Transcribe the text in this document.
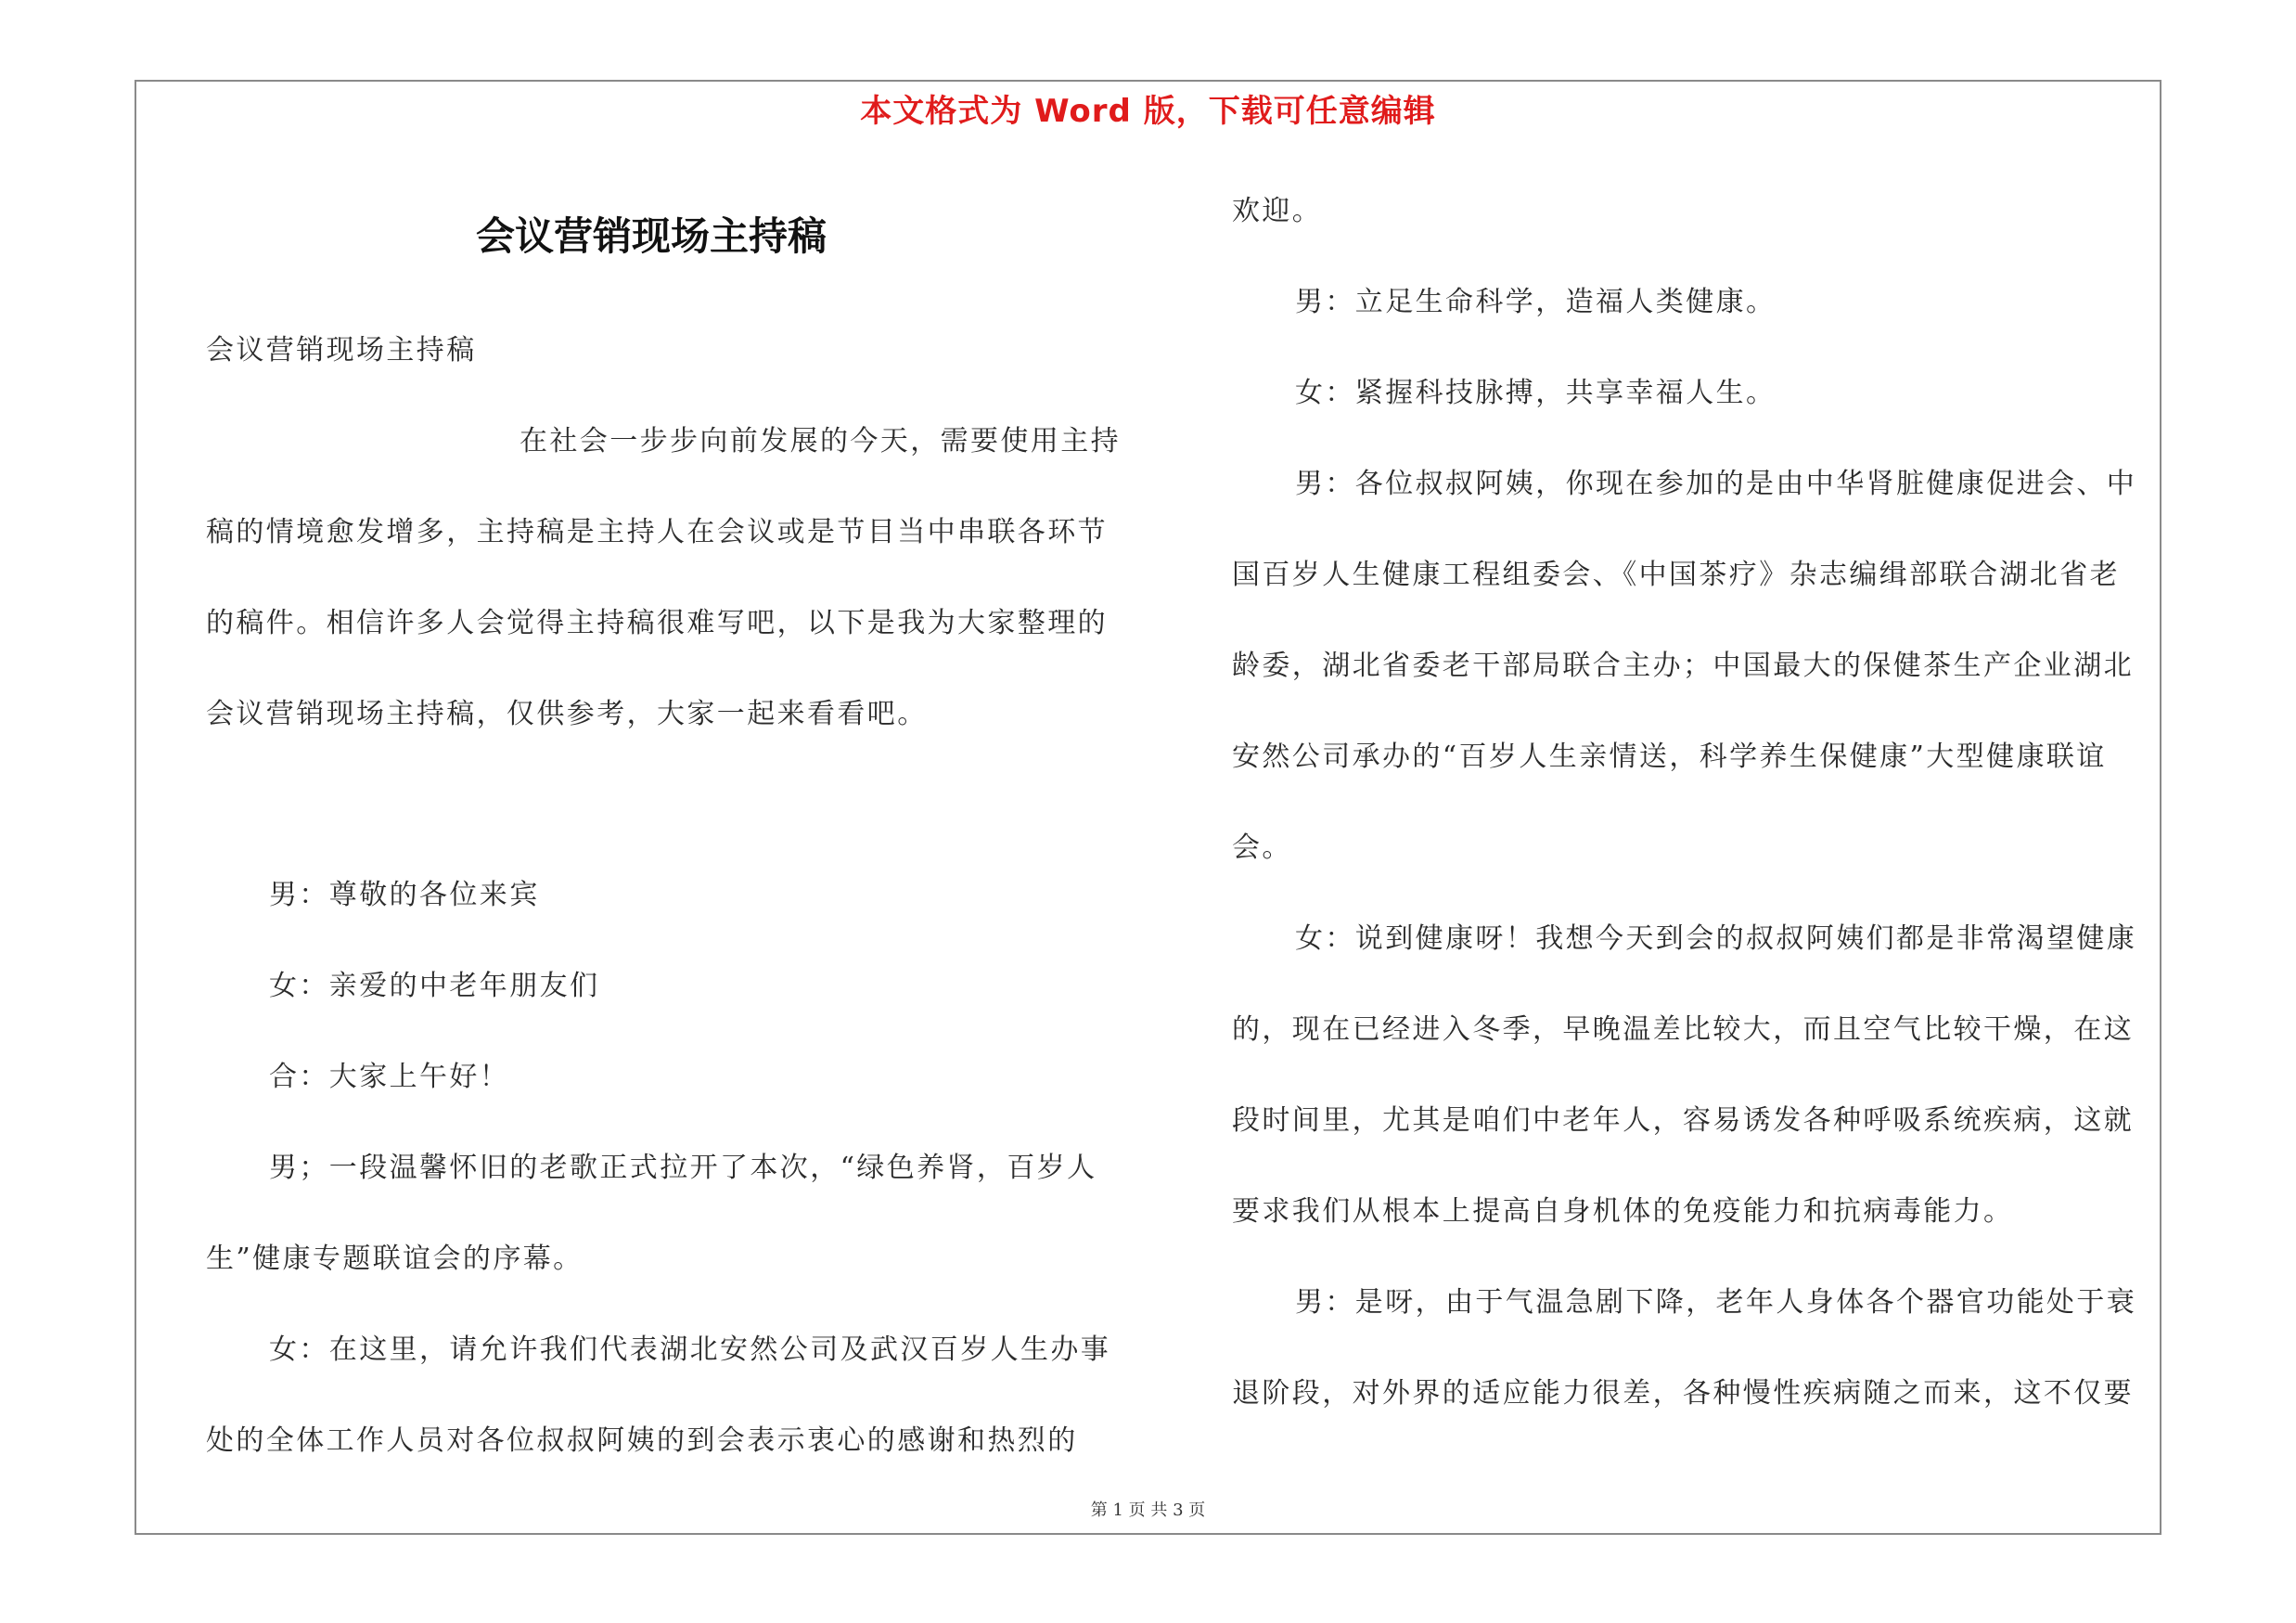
本文格式为 Word 版，下载可任意编辑
会议营销现场主持稿
会议营销现场主持稿
在社会一步步向前发展的今天，需要使用主持
稿的情境愈发增多，主持稿是主持人在会议或是节目当中串联各环节
的稿件。相信许多人会觉得主持稿很难写吧，以下是我为大家整理的
会议营销现场主持稿，仅供参考，大家一起来看看吧。
男：尊敬的各位来宾
女：亲爱的中老年朋友们
合：大家上午好！
男；一段温馨怀旧的老歌正式拉开了本次，“绿色养肾，百岁人
生”健康专题联谊会的序幕。
女：在这里，请允许我们代表湖北安然公司及武汉百岁人生办事
处的全体工作人员对各位叔叔阿姨的到会表示衷心的感谢和热烈的
欢迎。
男：立足生命科学，造福人类健康。
女：紧握科技脉搏，共享幸福人生。
男：各位叔叔阿姨，你现在参加的是由中华肾脏健康促进会、中
国百岁人生健康工程组委会、《中国茶疗》杂志编缉部联合湖北省老
龄委，湖北省委老干部局联合主办；中国最大的保健茶生产企业湖北
安然公司承办的“百岁人生亲情送，科学养生保健康”大型健康联谊
会。
女：说到健康呀！我想今天到会的叔叔阿姨们都是非常渴望健康
的，现在已经进入冬季，早晚温差比较大，而且空气比较干燥，在这
段时间里，尤其是咱们中老年人，容易诱发各种呼吸系统疾病，这就
要求我们从根本上提高自身机体的免疫能力和抗病毒能力。
男：是呀，由于气温急剧下降，老年人身体各个器官功能处于衰
退阶段，对外界的适应能力很差，各种慢性疾病随之而来，这不仅要
第 1 页 共 3 页
